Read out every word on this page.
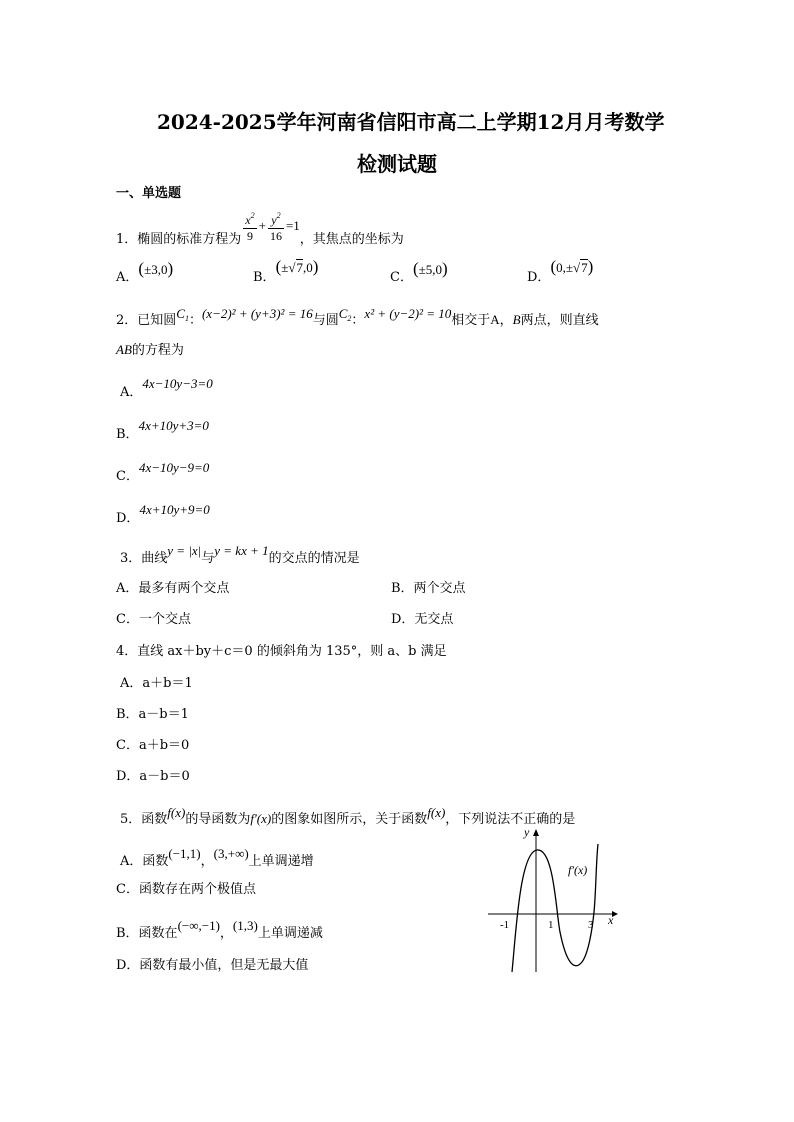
2024-2025学年河南省信阳市高二上学期12月月考数学
检测试题
一、单选题
1．椭圆的标准方程为 $\frac{x^2}{9} + \frac{y^2}{16} =1$，其焦点的坐标为
A．(±3,0)	B．(±√7,0)
C．(±5,0)	D．(0,±√7)
2．已知圆$C_1$：(x−2)² + (y+3)² = 16与圆$C_2$：x² + (y−2)² = 10相交于A，B两点，则直线
AB的方程为
A．4x−10y−3=0
B．4x+10y+3=0
C．4x−10y−9=0
D．4x+10y+9=0
3．曲线y = |x|与y = kx + 1的交点的情况是
A．最多有两个交点	B．两个交点
C．一个交点	D．无交点
4．直线 ax＋by＋c＝0 的倾斜角为 135°，则 a、b 满足
A．a＋b＝1
B．a－b＝1
C．a＋b＝0
D．a－b＝0
5．函数f(x)的导函数为f′(x)的图象如图所示，关于函数f(x)，下列说法不正确的是
A．函数(−1,1)，(3,+∞)上单调递增
C．函数存在两个极值点
B．函数在(−∞,−1)，(1,3)上单调递减
D．函数有最小值，但是无最大值
y
x
f′(x)
-1	1	3
